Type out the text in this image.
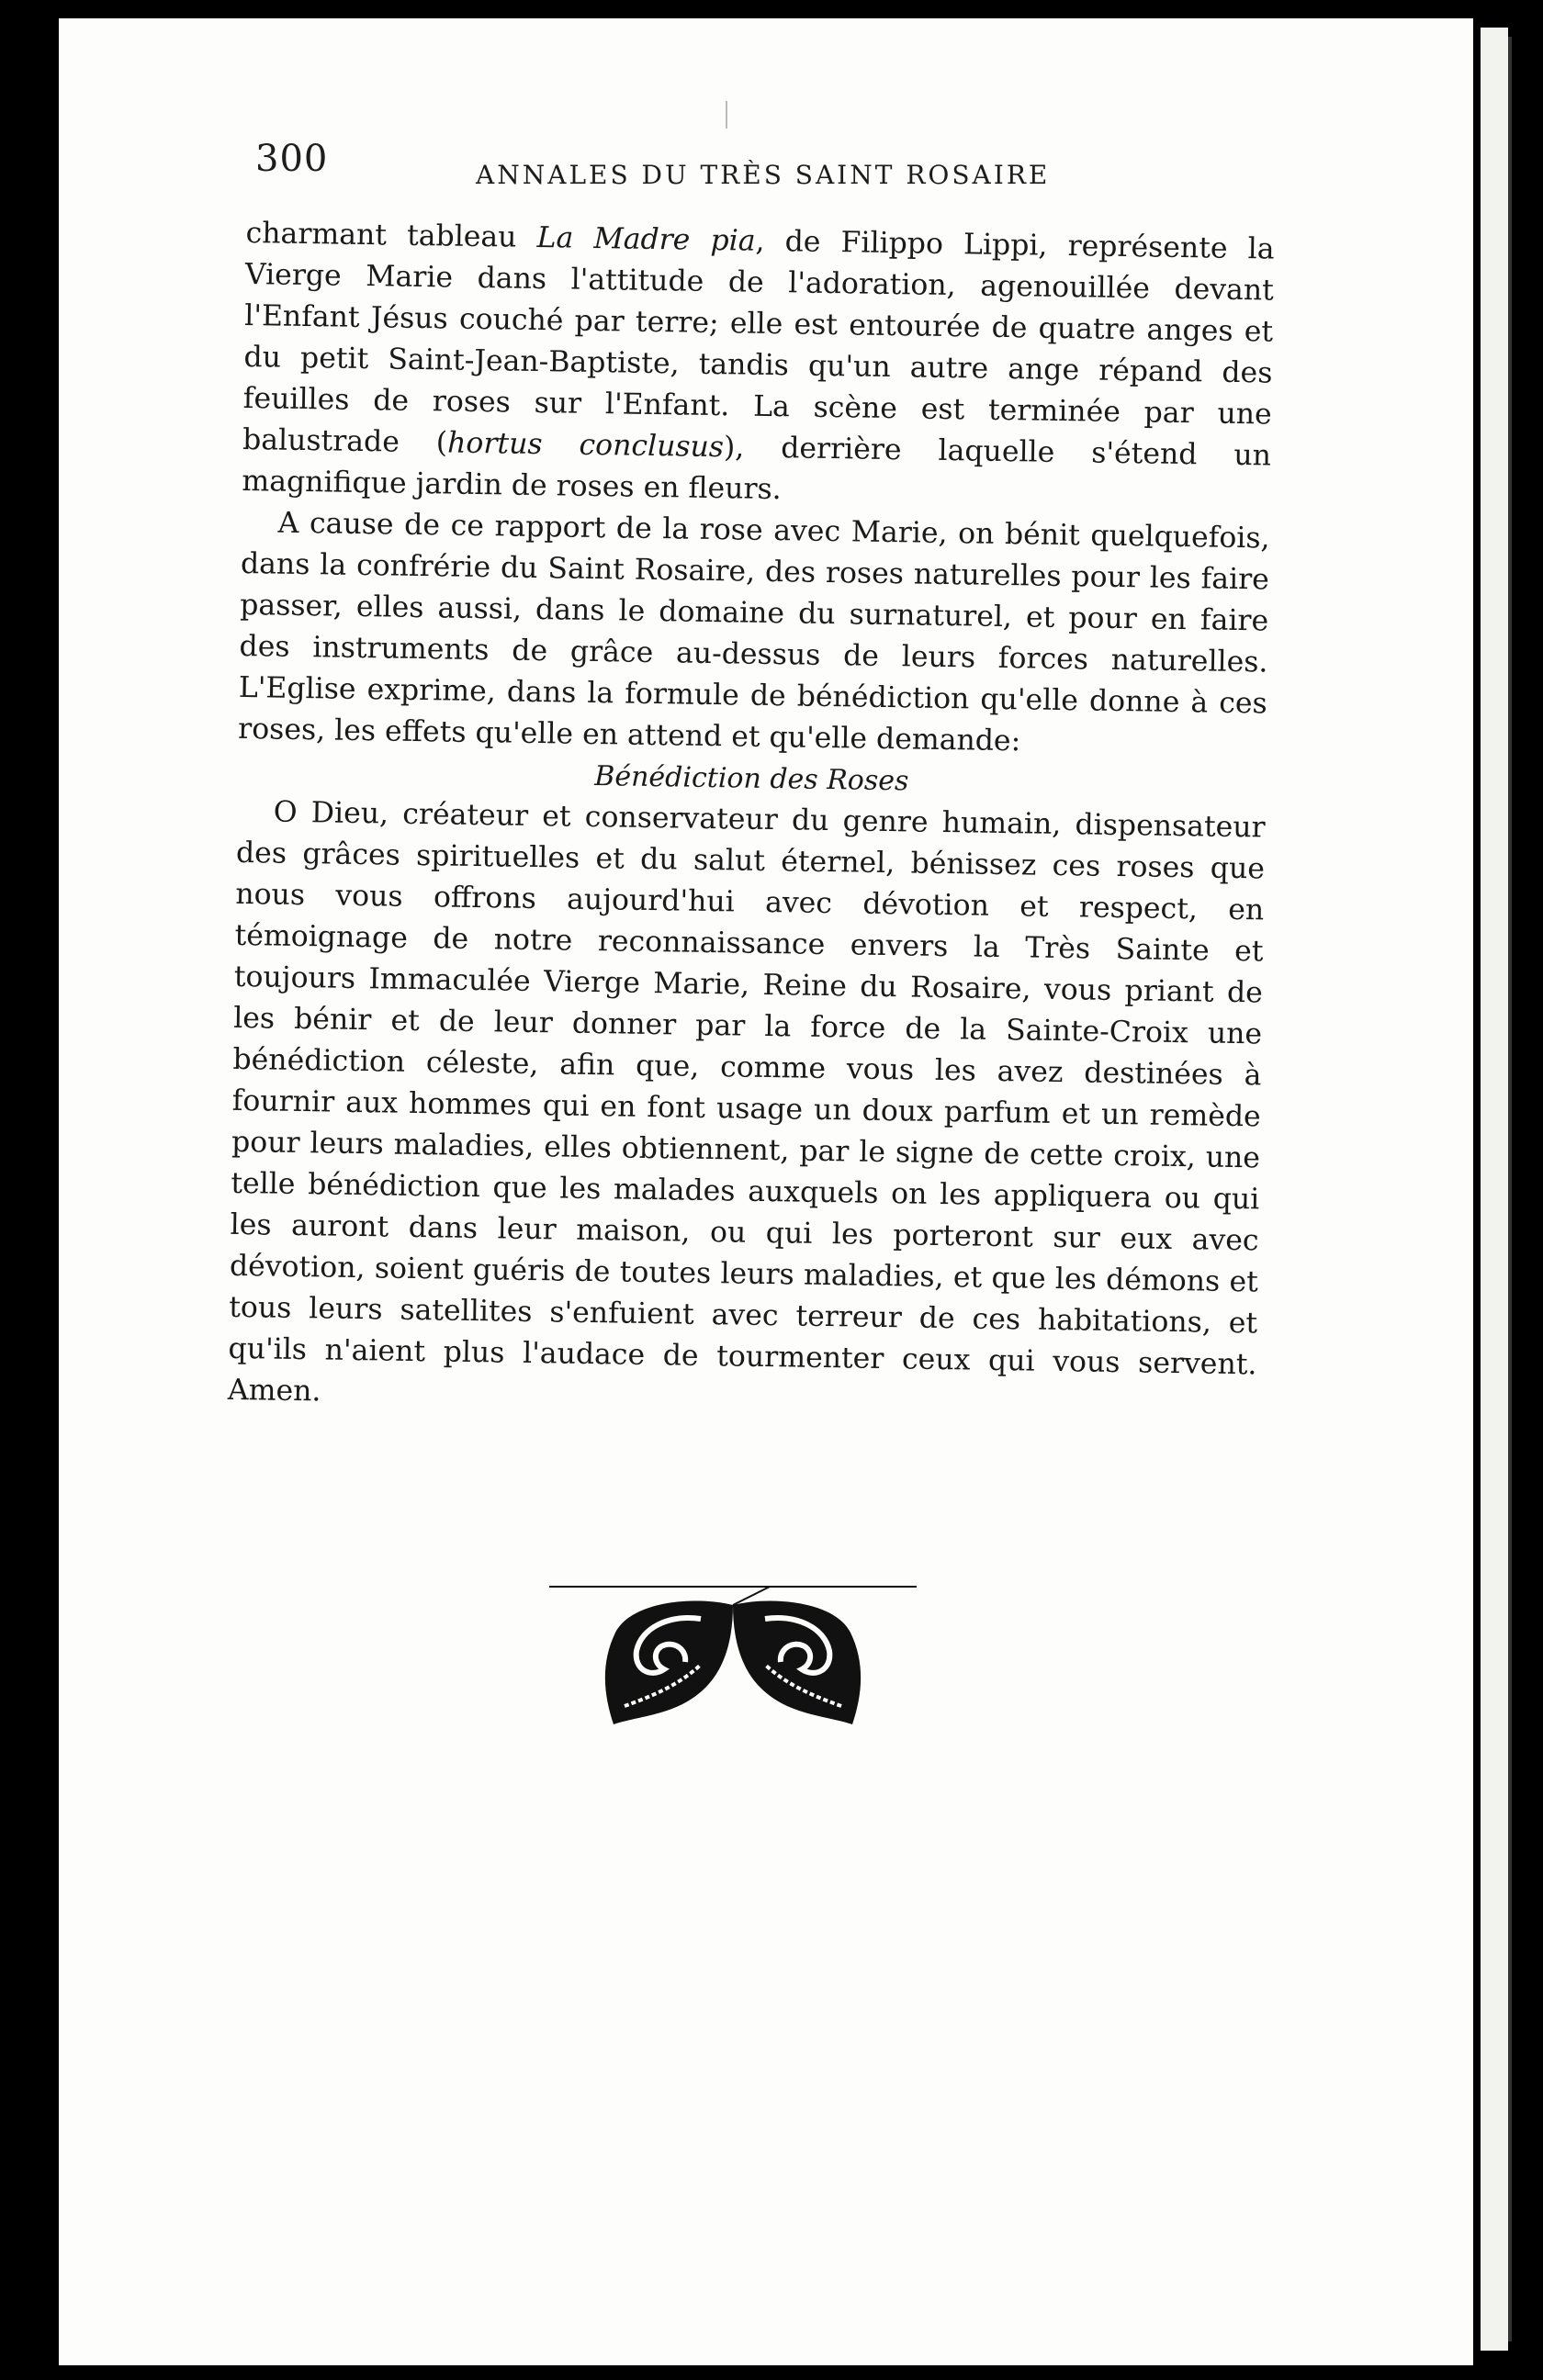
300	ANNALES DU TRÈS SAINT ROSAIRE

charmant tableau La Madre pia, de Filippo Lippi, représente la Vierge Marie dans l'attitude de l'adoration, agenouillée devant l'Enfant Jésus couché par terre; elle est entourée de quatre anges et du petit Saint-Jean-Baptiste, tandis qu'un autre ange répand des feuilles de roses sur l'Enfant. La scène est terminée par une balustrade (hortus conclusus), derrière laquelle s'étend un magnifique jardin de roses en fleurs.

A cause de ce rapport de la rose avec Marie, on bénit quelquefois, dans la confrérie du Saint Rosaire, des roses naturelles pour les faire passer, elles aussi, dans le domaine du surnaturel, et pour en faire des instruments de grâce au-dessus de leurs forces naturelles. L'Eglise exprime, dans la formule de bénédiction qu'elle donne à ces roses, les effets qu'elle en attend et qu'elle demande:

Bénédiction des Roses

O Dieu, créateur et conservateur du genre humain, dispensateur des grâces spirituelles et du salut éternel, bénissez ces roses que nous vous offrons aujourd'hui avec dévotion et respect, en témoignage de notre reconnaissance envers la Très Sainte et toujours Immaculée Vierge Marie, Reine du Rosaire, vous priant de les bénir et de leur donner par la force de la Sainte-Croix une bénédiction céleste, afin que, comme vous les avez destinées à fournir aux hommes qui en font usage un doux parfum et un remède pour leurs maladies, elles obtiennent, par le signe de cette croix, une telle bénédiction que les malades auxquels on les appliquera ou qui les auront dans leur maison, ou qui les porteront sur eux avec dévotion, soient guéris de toutes leurs maladies, et que les démons et tous leurs satellites s'enfuient avec terreur de ces habitations, et qu'ils n'aient plus l'audace de tourmenter ceux qui vous servent. Amen.
